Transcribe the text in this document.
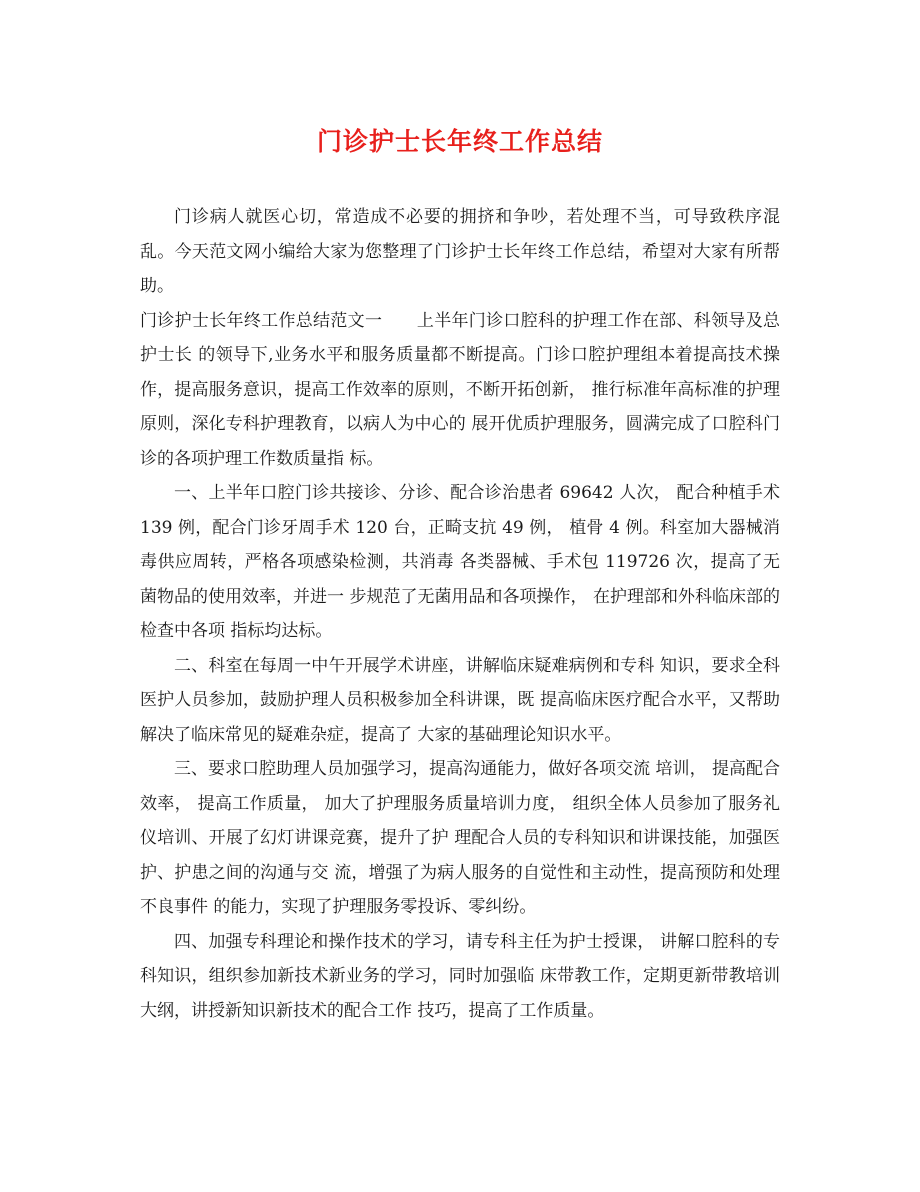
门诊护士长年终工作总结

门诊病人就医心切，常造成不必要的拥挤和争吵，若处理不当，可导致秩序混乱。今天范文网小编给大家为您整理了门诊护士长年终工作总结，希望对大家有所帮助。

门诊护士长年终工作总结范文一　　上半年门诊口腔科的护理工作在部、科领导及总护士长 的领导下,业务水平和服务质量都不断提高。门诊口腔护理组本着提高技术操作，提高服务意识，提高工作效率的原则，不断开拓创新， 推行标准年高标准的护理原则，深化专科护理教育，以病人为中心的 展开优质护理服务，圆满完成了口腔科门诊的各项护理工作数质量指 标。

一、上半年口腔门诊共接诊、分诊、配合诊治患者 69642 人次， 配合种植手术 139 例，配合门诊牙周手术 120 台，正畸支抗 49 例， 植骨 4 例。科室加大器械消毒供应周转，严格各项感染检测，共消毒 各类器械、手术包 119726 次，提高了无菌物品的使用效率，并进一 步规范了无菌用品和各项操作， 在护理部和外科临床部的检查中各项 指标均达标。

二、科室在每周一中午开展学术讲座，讲解临床疑难病例和专科 知识，要求全科医护人员参加，鼓励护理人员积极参加全科讲课，既 提高临床医疗配合水平，又帮助解决了临床常见的疑难杂症，提高了 大家的基础理论知识水平。

三、要求口腔助理人员加强学习，提高沟通能力，做好各项交流 培训， 提高配合效率， 提高工作质量， 加大了护理服务质量培训力度， 组织全体人员参加了服务礼仪培训、开展了幻灯讲课竞赛，提升了护 理配合人员的专科知识和讲课技能，加强医护、护患之间的沟通与交 流，增强了为病人服务的自觉性和主动性，提高预防和处理不良事件 的能力，实现了护理服务零投诉、零纠纷。

四、加强专科理论和操作技术的学习，请专科主任为护士授课， 讲解口腔科的专科知识，组织参加新技术新业务的学习，同时加强临 床带教工作，定期更新带教培训大纲，讲授新知识新技术的配合工作 技巧，提高了工作质量。
